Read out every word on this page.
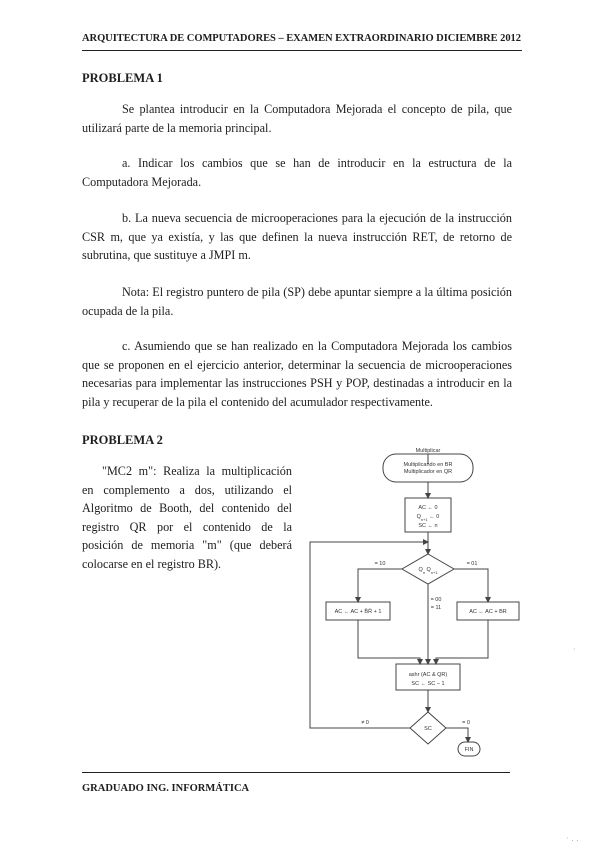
ARQUITECTURA DE COMPUTADORES – EXAMEN EXTRAORDINARIO DICIEMBRE 2012
PROBLEMA 1

Se plantea introducir en la Computadora Mejorada el concepto de pila, que utilizará parte de la memoria principal.

a. Indicar los cambios que se han de introducir en la estructura de la Computadora Mejorada.

b. La nueva secuencia de microoperaciones para la ejecución de la instrucción CSR m, que ya existía, y las que definen la nueva instrucción RET, de retorno de subrutina, que sustituye a JMPI m.

Nota: El registro puntero de pila (SP) debe apuntar siempre a la última posición ocupada de la pila.

c. Asumiendo que se han realizado en la Computadora Mejorada los cambios que se proponen en el ejercicio anterior, determinar la secuencia de microoperaciones necesarias para implementar las instrucciones PSH y POP, destinadas a introducir en la pila y recuperar de la pila el contenido del acumulador respectivamente.

PROBLEMA 2

"MC2 m": Realiza la multiplicación en complemento a dos, utilizando el Algoritmo de Booth, del contenido del registro QR por el contenido de la posición de memoria "m" (que deberá colocarse en el registro BR).

Multiplicar
Multiplicando en BR
Multiplicador en QR
AC ← 0
$Q_{n+1}$ ← 0
SC ← n
$Q_n$ $Q_{n+1}$
= 10	= 01
= 00
= 11
AC ← AC + B̄R̄ + 1	AC ← AC + BR
ashr (AC & QR)
SC ← SC − 1
SC
≠ 0	= 0
FIN
GRADUADO ING. INFORMÁTICA
·
· . .
